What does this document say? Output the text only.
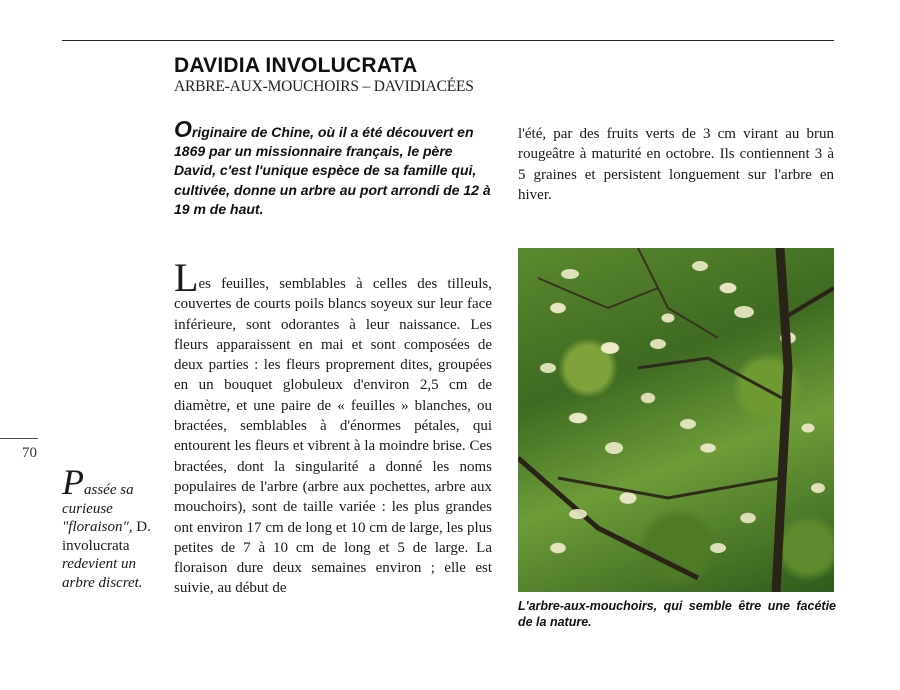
DAVIDIA INVOLUCRATA
ARBRE-AUX-MOUCHOIRS – DAVIDIACÉES
Originaire de Chine, où il a été découvert en 1869 par un missionnaire français, le père David, c'est l'unique espèce de sa famille qui, cultivée, donne un arbre au port arrondi de 12 à 19 m de haut.
Les feuilles, semblables à celles des tilleuls, couvertes de courts poils blancs soyeux sur leur face inférieure, sont odorantes à leur naissance. Les fleurs apparaissent en mai et sont composées de deux parties : les fleurs proprement dites, groupées en un bouquet globuleux d'environ 2,5 cm de diamètre, et une paire de « feuilles » blanches, ou bractées, semblables à d'énormes pétales, qui entourent les fleurs et vibrent à la moindre brise. Ces bractées, dont la singularité a donné les noms populaires de l'arbre (arbre aux pochettes, arbre aux mouchoirs), sont de taille variée : les plus grandes ont environ 17 cm de long et 10 cm de large, les plus petites de 7 à 10 cm de long et 5 de large. La floraison dure deux semaines environ ; elle est suivie, au début de
l'été, par des fruits verts de 3 cm virant au brun rougeâtre à maturité en octobre. Ils contiennent 3 à 5 graines et persistent longuement sur l'arbre en hiver.
70
Passée sa curieuse "floraison", D. involucrata redevient un arbre discret.
L'arbre-aux-mouchoirs, qui semble être une facétie de la nature.
